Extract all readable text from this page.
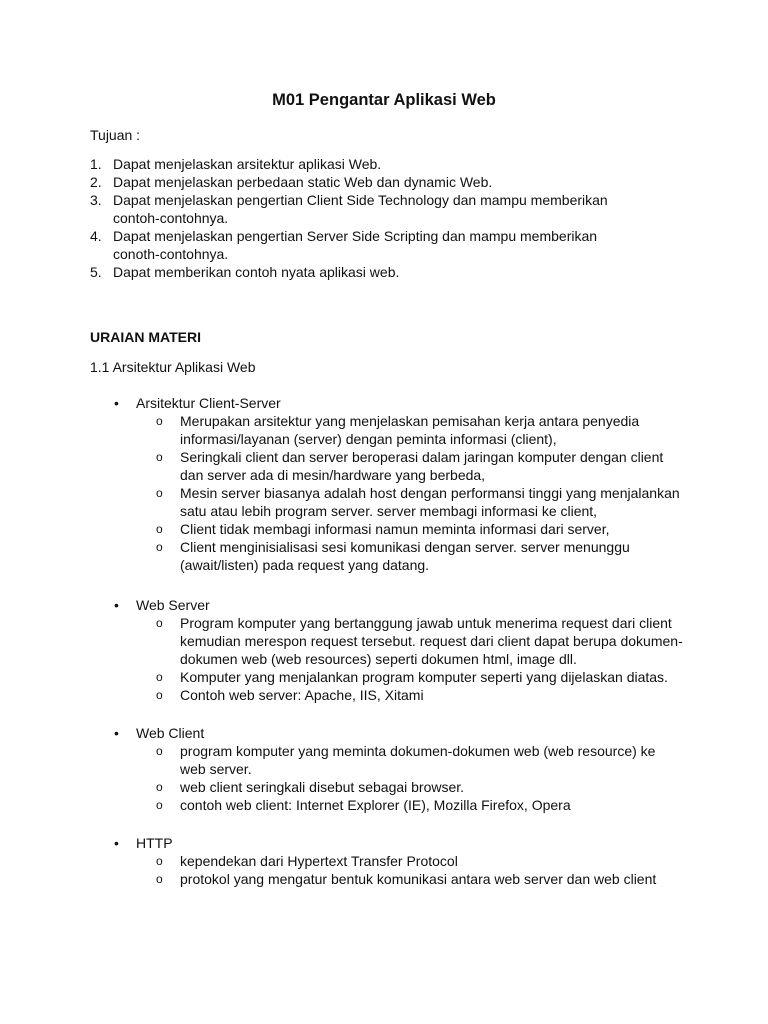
M01 Pengantar Aplikasi Web
Tujuan :
1. Dapat menjelaskan arsitektur aplikasi Web.
2. Dapat menjelaskan perbedaan static Web dan dynamic Web.
3. Dapat menjelaskan pengertian Client Side Technology dan mampu memberikan contoh-contohnya.
4. Dapat menjelaskan pengertian Server Side Scripting dan mampu memberikan conoth-contohnya.
5. Dapat memberikan contoh nyata aplikasi web.
URAIAN MATERI
1.1 Arsitektur Aplikasi Web
• Arsitektur Client-Server
o Merupakan arsitektur yang menjelaskan pemisahan kerja antara penyedia informasi/layanan (server) dengan peminta informasi (client),
o Seringkali client dan server beroperasi dalam jaringan komputer dengan client dan server ada di mesin/hardware yang berbeda,
o Mesin server biasanya adalah host dengan performansi tinggi yang menjalankan satu atau lebih program server. server membagi informasi ke client,
o Client tidak membagi informasi namun meminta informasi dari server,
o Client menginisialisasi sesi komunikasi dengan server. server menunggu (await/listen) pada request yang datang.
• Web Server
o Program komputer yang bertanggung jawab untuk menerima request dari client kemudian merespon request tersebut. request dari client dapat berupa dokumen-dokumen web (web resources) seperti dokumen html, image dll.
o Komputer yang menjalankan program komputer seperti yang dijelaskan diatas.
o Contoh web server: Apache, IIS, Xitami
• Web Client
o program komputer yang meminta dokumen-dokumen web (web resource) ke web server.
o web client seringkali disebut sebagai browser.
o contoh web client: Internet Explorer (IE), Mozilla Firefox, Opera
• HTTP
o kependekan dari Hypertext Transfer Protocol
o protokol yang mengatur bentuk komunikasi antara web server dan web client
